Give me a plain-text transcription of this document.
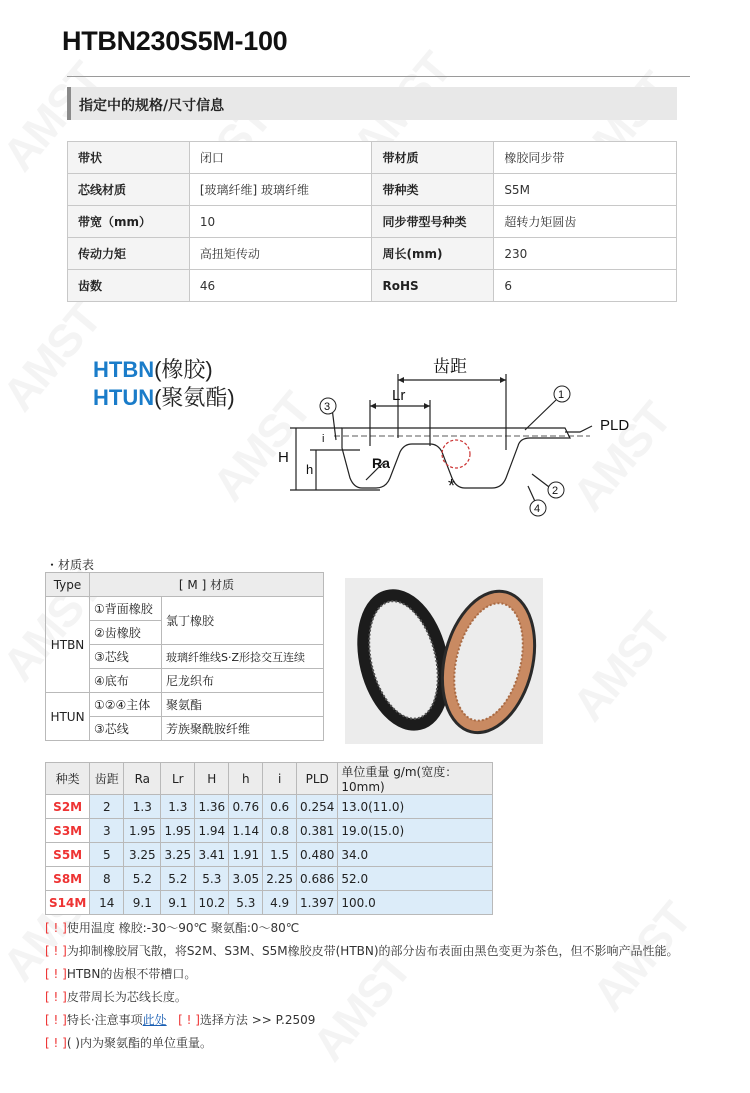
HTBN230S5M-100
指定中的规格/尺寸信息
带状	闭口	带材质	橡胶同步带
芯线材质	[玻璃纤维] 玻璃纤维	带种类	S5M
带宽（mm）	10	同步带型号种类	超转力矩圆齿
传动力矩	高扭矩传动	周长(mm)	230
齿数	46	RoHS	6
HTBN(橡胶)
HTUN(聚氨酯)
齿距
Lr
PLD
Ra
H
h
i
*
1
2
3
4
・材质表
Type	[ M ] 材质	
HTBN	①背面橡胶	氯丁橡胶
	②齿橡胶	
	③芯线	玻璃纤维线S·Z形捻交互连续
	④底布	尼龙织布
HTUN	①②④主体	聚氨酯
	③芯线	芳族聚酰胺纤维
种类	齿距	Ra	Lr	H	h	i	PLD	单位重量 g/m(宽度：10mm)
S2M	2	1.3	1.3	1.36	0.76	0.6	0.254	13.0(11.0)
S3M	3	1.95	1.95	1.94	1.14	0.8	0.381	19.0(15.0)
S5M	5	3.25	3.25	3.41	1.91	1.5	0.480	34.0
S8M	8	5.2	5.2	5.3	3.05	2.25	0.686	52.0
S14M	14	9.1	9.1	10.2	5.3	4.9	1.397	100.0
[ ! ]使用温度 橡胶:-30～90℃ 聚氨酯:0～80℃
[ ! ]为抑制橡胶屑飞散，将S2M、S3M、S5M橡胶皮带(HTBN)的部分齿布表面由黑色变更为茶色，但不影响产品性能。
[ ! ]HTBN的齿根不带槽口。
[ ! ]皮带周长为芯线长度。
[ ! ]特长·注意事项此处 [ ! ]选择方法 >> P.2509
[ ! ]( )内为聚氨酯的单位重量。
